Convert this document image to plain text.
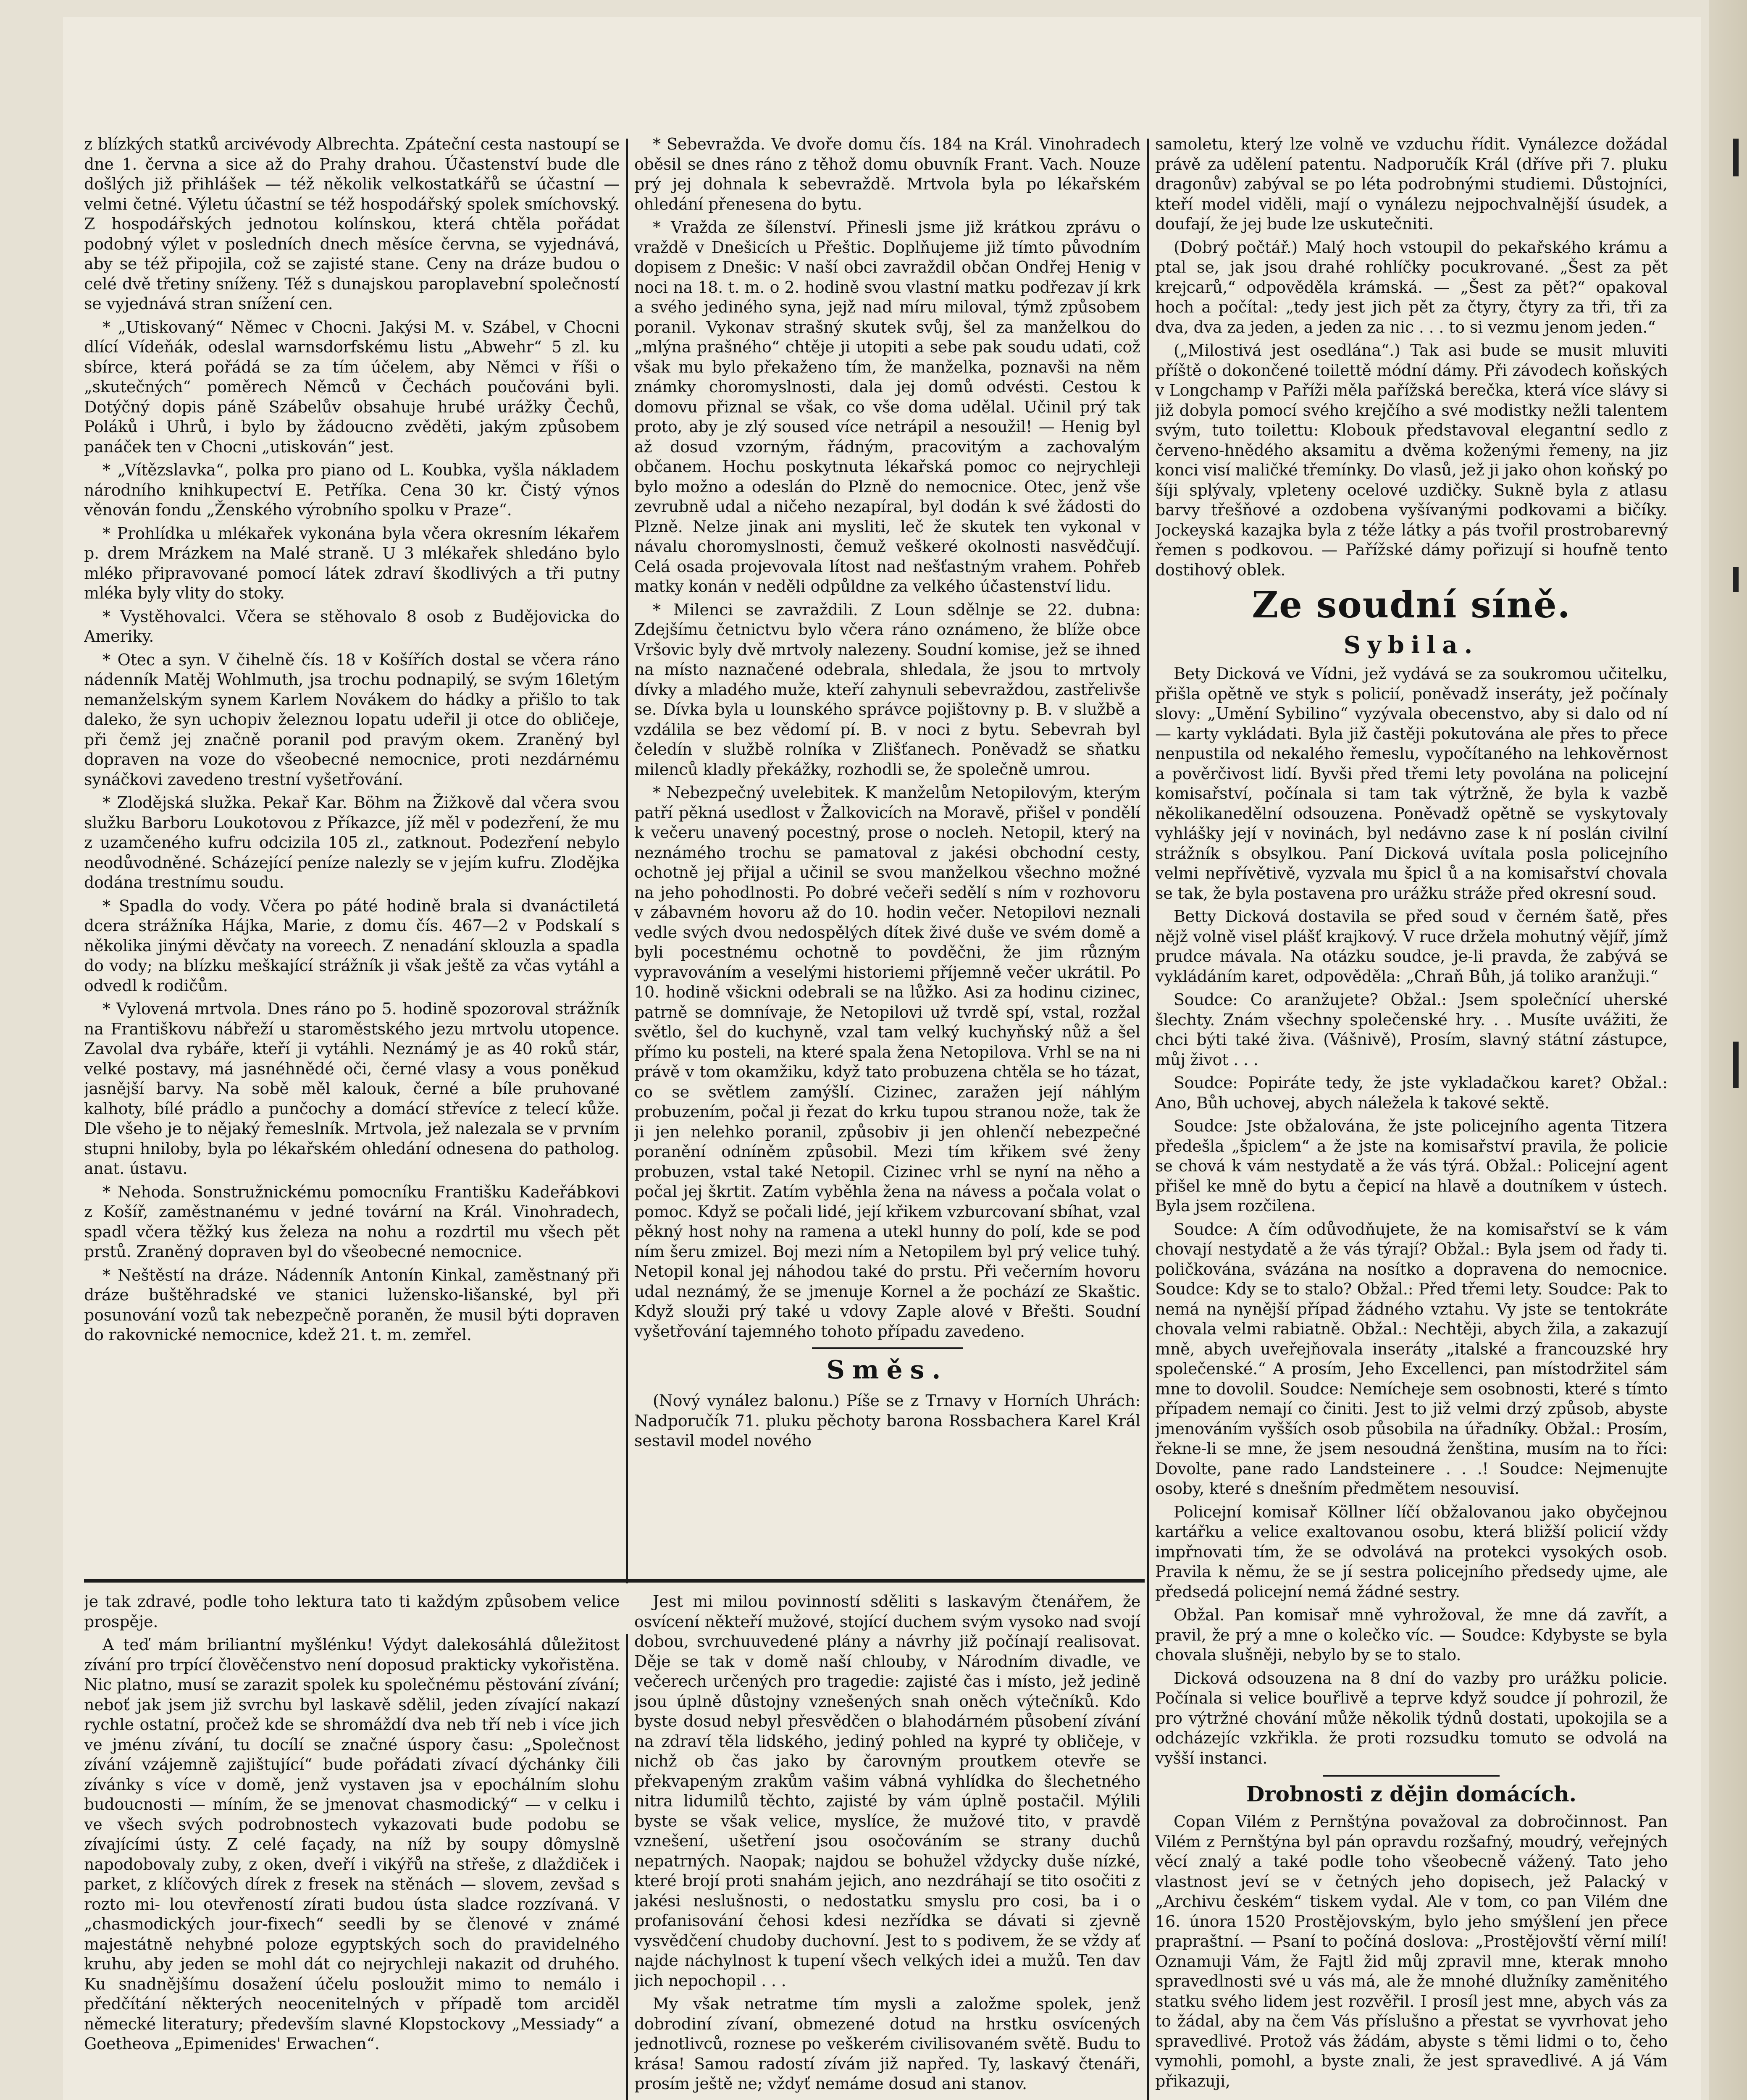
z blízkých statků arcivévody Albrechta. Zpáteční cesta nastoupí se dne 1. června a sice až do Prahy drahou. Účastenství bude dle došlých již přihlášek — též několik velkostatkářů se účastní — velmi četné. Výletu účastní se též hospodářský spolek smíchovský. Z hospodářských jednotou kolínskou, která chtěla pořádat podobný výlet v posledních dnech měsíce června, se vyjednává, aby se též připojila, což se zajisté stane. Ceny na dráze budou o celé dvě třetiny sníženy. Též s dunajskou paroplavební společností se vyjednává stran snížení cen.

* „Utiskovaný“ Němec v Chocni. Jakýsi M. v. Szábel, v Chocni dlící Vídeňák, odeslal warnsdorfskému listu „Abwehr“ 5 zl. ku sbírce, která pořádá se za tím účelem, aby Němci v říši o „skutečných“ poměrech Němců v Čechách poučováni byli. Dotýčný dopis páně Szábelův obsahuje hrubé urážky Čechů, Poláků i Uhrů, i bylo by žádoucno zvěděti, jakým způsobem panáček ten v Chocni „utiskován“ jest.

* „Vítězslavka“, polka pro piano od L. Koubka, vyšla nákladem národního knihkupectví E. Petříka. Cena 30 kr. Čistý výnos věnován fondu „Ženského výrobního spolku v Praze“.

* Prohlídka u mlékařek vykonána byla včera okresním lékařem p. drem Mrázkem na Malé straně. U 3 mlékařek shledáno bylo mléko připravované pomocí látek zdraví škodlivých a tři putny mléka byly vlity do stoky.

* Vystěhovalci. Včera se stěhovalo 8 osob z Budějovicka do Ameriky.

* Otec a syn. V čihelně čís. 18 v Košířích dostal se včera ráno nádenník Matěj Wohlmuth, jsa trochu podnapilý, se svým 16letým nemanželským synem Karlem Novákem do hádky a přišlo to tak daleko, že syn uchopiv železnou lopatu udeřil ji otce do obličeje, při čemž jej značně poranil pod pravým okem. Zraněný byl dopraven na voze do všeobecné nemocnice, proti nezdárnému synáčkovi zavedeno trestní vyšetřování.

* Zlodějská služka. Pekař Kar. Böhm na Žižkově dal včera svou služku Barboru Loukotovou z Příkazce, jíž měl v podezření, že mu z uzamčeného kufru odcizila 105 zl., zatknout. Podezření nebylo neodůvodněné. Scházející peníze nalezly se v jejím kufru. Zlodějka dodána trestnímu soudu.

* Spadla do vody. Včera po páté hodině brala si dvanáctiletá dcera strážníka Hájka, Marie, z domu čís. 467—2 v Podskalí s několika jinými děvčaty na voreech. Z nenadání sklouzla a spadla do vody; na blízku meškající strážník ji však ještě za včas vytáhl a odvedl k rodičům.

* Vylovená mrtvola. Dnes ráno po 5. hodině spozoroval strážník na Františkovu nábřeží u staroměstského jezu mrtvolu utopence. Zavolal dva rybáře, kteří ji vytáhli. Neznámý je as 40 roků stár, velké postavy, má jasnéhnědé oči, černé vlasy a vous poněkud jasnější barvy. Na sobě měl kalouk, černé a bíle pruhované kalhoty, bílé prádlo a punčochy a domácí střevíce z telecí kůže. Dle všeho je to nějaký řemeslník. Mrtvola, jež nalezala se v prvním stupni hniloby, byla po lékařském ohledání odnesena do patholog. anat. ústavu.

* Nehoda. Sonstružnickému pomocníku Františku Kadeřábkovi z Košíř, zaměstnanému v jedné tovární na Král. Vinohradech, spadl včera těžký kus železa na nohu a rozdrtil mu všech pět prstů. Zraněný dopraven byl do všeobecné nemocnice.

* Neštěstí na dráze. Nádenník Antonín Kinkal, zaměstnaný při dráze buštěhradské ve stanici lužensko-lišanské, byl při posunování vozů tak nebezpečně poraněn, že musil býti dopraven do rakovnické nemocnice, kdež 21. t. m. zemřel.

* Sebevražda. Ve dvoře domu čís. 184 na Král. Vinohradech oběsil se dnes ráno z těhož domu obuvník Frant. Vach. Nouze prý jej dohnala k sebevraždě. Mrtvola byla po lékařském ohledání přenesena do bytu.

* Vražda ze šílenství. Přinesli jsme již krátkou zprávu o vraždě v Dnešicích u Přeštic. Doplňujeme již tímto původním dopisem z Dnešic: V naší obci zavraždil občan Ondřej Henig v noci na 18. t. m. o 2. hodině svou vlastní matku podřezav jí krk a svého jediného syna, jejž nad míru miloval, týmž způsobem poranil. Vykonav strašný skutek svůj, šel za manželkou do „mlýna prašného“ chtěje ji utopiti a sebe pak soudu udati, což však mu bylo překaženo tím, že manželka, poznavši na něm známky choromyslnosti, dala jej domů odvésti. Cestou k domovu přiznal se však, co vše doma udělal. Učinil prý tak proto, aby je zlý soused více netrápil a nesoužil! — Henig byl až dosud vzorným, řádným, pracovitým a zachovalým občanem. Hochu poskytnuta lékařská pomoc co nejrychleji bylo možno a odeslán do Plzně do nemocnice. Otec, jenž vše zevrubně udal a ničeho nezapíral, byl dodán k své žádosti do Plzně. Nelze jinak ani mysliti, leč že skutek ten vykonal v návalu choromyslnosti, čemuž veškeré okolnosti nasvědčují. Celá osada projevovala lítost nad nešťastným vrahem. Pohřeb matky konán v neděli odpůldne za velkého účastenství lidu.

* Milenci se zavraždili. Z Loun sdělnje se 22. dubna: Zdejšímu četnictvu bylo včera ráno oznámeno, že blíže obce Vršovic byly dvě mrtvoly nalezeny. Soudní komise, jež se ihned na místo naznačené odebrala, shledala, že jsou to mrtvoly dívky a mladého muže, kteří zahynuli sebevraždou, zastřelivše se. Dívka byla u lounského správce pojištovny p. B. v službě a vzdálila se bez vědomí pí. B. v noci z bytu. Sebevrah byl čeledín v službě rolníka v Zlišťanech. Poněvadž se sňatku milenců kladly překážky, rozhodli se, že společně umrou.

* Nebezpečný uvelebitek. K manželům Netopilovým, kterým patří pěkná usedlost v Žalkovicích na Moravě, přišel v pondělí k večeru unavený pocestný, prose o nocleh. Netopil, který na neznámého trochu se pamatoval z jakési obchodní cesty, ochotně jej přijal a učinil se svou manželkou všechno možné na jeho pohodlnosti. Po dobré večeři sedělí s ním v rozhovoru v zábavném hovoru až do 10. hodin večer. Netopilovi neznali vedle svých dvou nedospělých dítek živé duše ve svém domě a byli pocestnému ochotně to povděčni, že jim různým vypravováním a veselými historiemi příjemně večer ukrátil. Po 10. hodině všickni odebrali se na lůžko. Asi za hodinu cizinec, patrně se domnívaje, že Netopilovi už tvrdě spí, vstal, rozžal světlo, šel do kuchyně, vzal tam velký kuchyňský nůž a šel přímo ku posteli, na které spala žena Netopilova. Vrhl se na ni právě v tom okamžiku, když tato probuzena chtěla se ho tázat, co se světlem zamýšlí. Cizinec, zaražen její náhlým probuzením, počal ji řezat do krku tupou stranou nože, tak že ji jen nelehko poranil, způsobiv ji jen ohlenčí nebezpečné poranění odníněm způsobil. Mezi tím křikem své ženy probuzen, vstal také Netopil. Cizinec vrhl se nyní na něho a počal jej škrtit. Zatím vyběhla žena na návess a počala volat o pomoc. Když se počali lidé, její křikem vzburcovaní sbíhat, vzal pěkný host nohy na ramena a utekl hunny do polí, kde se pod ním šeru zmizel. Boj mezi ním a Netopilem byl prý velice tuhý. Netopil konal jej náhodou také do prstu. Při večerním hovoru udal neznámý, že se jmenuje Kornel a že pochází ze Skaštic. Když slouži prý také u vdovy Zaple alové v Břešti. Soudní vyšetřování tajemného tohoto případu zavedeno.

Směs.

(Nový vynález balonu.) Píše se z Trnavy v Horních Uhrách: Nadporučík 71. pluku pěchoty barona Rossbachera Karel Král sestavil model nového

samoletu, který lze volně ve vzduchu řídit. Vynálezce dožádal právě za udělení patentu. Nadporučík Král (dříve při 7. pluku dragonův) zabýval se po léta podrobnými studiemi. Důstojníci, kteří model viděli, mají o vynálezu nejpochvalnější úsudek, a doufají, že jej bude lze uskutečniti.

(Dobrý počtář.) Malý hoch vstoupil do pekařského krámu a ptal se, jak jsou drahé rohlíčky pocukrované. „Šest za pět krejcarů,“ odpověděla krámská. — „Šest za pět?“ opakoval hoch a počítal: „tedy jest jich pět za čtyry, čtyry za tři, tři za dva, dva za jeden, a jeden za nic . . . to si vezmu jenom jeden.“

(„Milostivá jest osedlána“.) Tak asi bude se musit mluviti příště o dokončené toilettě módní dámy. Při závodech koňských v Longchamp v Paříži měla pařížská berečka, která více slávy si již dobyla pomocí svého krejčího a své modistky nežli talentem svým, tuto toilettu: Klobouk představoval elegantní sedlo z červeno-hnědého aksamitu a dvěma koženými řemeny, na jiz konci visí maličké třemínky. Do vlasů, jež ji jako ohon koňský po šíji splývaly, vpleteny ocelové uzdičky. Sukně byla z atlasu barvy třešňové a ozdobena vyšívanými podkovami a bičíky. Jockeyská kazajka byla z téže látky a pás tvořil prostrobarevný řemen s podkovou. — Pařížské dámy pořizují si houfně tento dostihový oblek.

Ze soudní síně.
Sybila.

Bety Dicková ve Vídni, jež vydává se za soukromou učitelku, přišla opětně ve styk s policií, poněvadž inseráty, jež počínaly slovy: „Umění Sybilino“ vyzývala obecenstvo, aby si dalo od ní — karty vykládati. Byla již častěji pokutována ale přes to přece nenpustila od nekalého řemeslu, vypočítaného na lehkověrnost a pověrčivost lidí. Byvši před třemi lety povolána na policejní komisařství, počínala si tam tak výtržně, že byla k vazbě několikanedělní odsouzena. Poněvadž opětně se vyskytovaly vyhlášky její v novinách, byl nedávno zase k ní poslán civilní strážník s obsylkou. Paní Dicková uvítala posla policejního velmi nepřívětivě, vyzvala mu špicl ů a na komisařství chovala se tak, že byla postavena pro urážku stráže před okresní soud.

Betty Dicková dostavila se před soud v černém šatě, přes nějž volně visel plášť krajkový. V ruce držela mohutný vějíř, jímž prudce mávala. Na otázku soudce, je-li pravda, že zabývá se vykládáním karet, odpověděla: „Chraň Bůh, já toliko aranžuji.“

Soudce: Co aranžujete? Obžal.: Jsem společnící uherské šlechty. Znám všechny společenské hry. . . Musíte uvážiti, že chci býti také živa. (Vášnivě), Prosím, slavný státní zástupce, můj život . . .

Soudce: Popiráte tedy, že jste vykladačkou karet? Obžal.: Ano, Bůh uchovej, abych náležela k takové sektě.

Soudce: Jste obžalována, že jste policejního agenta Titzera předešla „špiclem“ a že jste na komisařství pravila, že policie se chová k vám nestydatě a že vás týrá. Obžal.: Policejní agent přišel ke mně do bytu a čepicí na hlavě a doutníkem v ústech. Byla jsem rozčilena.

Soudce: A čím odůvodňujete, že na komisařství se k vám chovají nestydatě a že vás týrají? Obžal.: Byla jsem od řady ti. poličkována, svázána na nosítko a dopravena do nemocnice. Soudce: Kdy se to stalo? Obžal.: Před třemi lety. Soudce: Pak to nemá na nynější případ žádného vztahu. Vy jste se tentokráte chovala velmi rabiatně. Obžal.: Nechtěji, abych žila, a zakazují mně, abych uveřejňovala inseráty „italské a francouzské hry společenské.“ A prosím, Jeho Excellenci, pan místodržitel sám mne to dovolil. Soudce: Nemícheje sem osobnosti, které s tímto případem nemají co činiti. Jest to již velmi drzý způsob, abyste jmenováním vyšších osob působila na úřadníky. Obžal.: Prosím, řekne-li se mne, že jsem nesoudná ženština, musím na to říci: Dovolte, pane rado Landsteinere . . .! Soudce: Nejmenujte osoby, které s dnešním předmětem nesouvisí.

Policejní komisař Köllner líčí obžalovanou jako obyčejnou kartářku a velice exaltovanou osobu, která bližší policií vždy impřnovati tím, že se odvolává na protekci vysokých osob. Pravila k němu, že se jí sestra policejního předsedy ujme, ale předsedá policejní nemá žádné sestry.

Obžal. Pan komisař mně vyhrožoval, že mne dá zavřít, a pravil, že prý a mne o kolečko víc. — Soudce: Kdybyste se byla chovala slušněji, nebylo by se to stalo.

Dicková odsouzena na 8 dní do vazby pro urážku policie. Počínala si velice bouřlivě a teprve když soudce jí pohrozil, že pro výtržné chování může několik týdnů dostati, upokojila se a odcházejíc vzkřikla. že proti rozsudku tomuto se odvolá na vyšší instanci.

Drobnosti z dějin domácích.

Copan Vilém z Pernštýna považoval za dobročinnost. Pan Vilém z Pernštýna byl pán opravdu rozšafný, moudrý, veřejných věcí znalý a také podle toho všeobecně vážený. Tato jeho vlastnost jeví se v četných jeho dopisech, jež Palacký v „Archivu českém“ tiskem vydal. Ale v tom, co pan Vilém dne 16. února 1520 Prostějovským, bylo jeho smýšlení jen přece prapraštní. — Psaní to počíná doslova: „Prostějovští věrní milí! Oznamuji Vám, že Fajtl žid můj zpravil mne, kterak mnoho spravedlnosti své u vás má, ale že mnohé dlužníky zaměnitého statku svého lidem jest rozvěřil. I prosíl jest mne, abych vás za to žádal, aby na čem Vás příslušno a přestat se vyvrhovat jeho spravedlivé. Protož vás žádám, abyste s těmi lidmi o to, čeho vymohli, pomohl, a byste znali, že jest spravedlivé. A já Vám přikazuji,

je tak zdravé, podle toho lektura tato ti každým způsobem velice prospěje.

A teď mám briliantní myšlénku! Výdyt dalekosáhlá důležitost zívání pro trpící člověčenstvo není doposud prakticky vykořistěna. Nic platno, musí se zarazit spolek ku společnému pěstování zívání; neboť jak jsem již svrchu byl laskavě sdělil, jeden zívající nakazí rychle ostatní, pročež kde se shromáždí dva neb tří neb i více jich ve jménu zívání, tu docílí se značné úspory času: „Společnost zívání vzájemně zajištující“ bude pořádati zívací dýchánky čili zívánky s více v domě, jenž vystaven jsa v epochálním slohu budoucnosti — míním, že se jmenovat chasmodický“ — v celku i ve všech svých podrobnostech vykazovati bude podobu se zívajícími ústy. Z celé façady, na níž by soupy dômyslně napodobovaly zuby, z oken, dveří i vikýřů na střeše, z dlaždiček i parket, z klíčových dírek z fresek na stěnách — slovem, zevšad s rozto mi- lou otevřeností zírati budou ústa sladce rozzívaná. V „chasmodických jour-fixech“ seedli by se členové v známé majestátně nehybné poloze egyptských soch do pravidelného kruhu, aby jeden se mohl dát co nejrychleji nakazit od druhého. Ku snadnějšímu dosažení účelu posloužit mimo to nemálo i předčítání některých neocenitelných v případě tom arciděl německé literatury; především slavné Klopstockovy „Messiady“ a Goetheova „Epimenides' Erwachen“.

Jest mi milou povinností sděliti s laskavým čtenářem, že osvícení někteří mužové, stojící duchem svým vysoko nad svojí dobou, svrchuuvedené plány a návrhy již počínají realisovat. Děje se tak v domě naší chlouby, v Národním divadle, ve večerech určených pro tragedie: zajisté čas i místo, jež jedině jsou úplně důstojny vznešených snah oněch výtečníků. Kdo byste dosud nebyl přesvědčen o blahodárném působení zívání na zdraví těla lidského, jediný pohled na kypré ty obličeje, v nichž ob čas jako by čarovným proutkem otevře se překvapeným zrakům vašim vábná vyhlídka do šlechetného nitra lidumilů těchto, zajisté by vám úplně postačil. Mýlili byste se však velice, myslíce, že mužové tito, v pravdě vznešení, ušetření jsou osočováním se strany duchů nepatrných. Naopak; najdou se bohužel vždycky duše nízké, které brojí proti snahám jejich, ano nezdráhají se tito osočiti z jakési neslušnosti, o nedostatku smyslu pro cosi, ba i o profanisování čehosi kdesi nezřídka se dávati si zjevně vysvědčení chudoby duchovní. Jest to s podivem, že se vždy ať najde náchylnost k tupení všech velkých idei a mužů. Ten dav jich nepochopil . . .

My však netratme tím mysli a založme spolek, jenž dobrodiní zívaní, obmezené dotud na hrstku osvícených jednotlivců, roznese po veškerém civilisovaném světě. Budu to krása! Samou radostí zívám již napřed. Ty, laskavý čtenáři, prosím ještě ne; vždyť nemáme dosud ani stanov.
